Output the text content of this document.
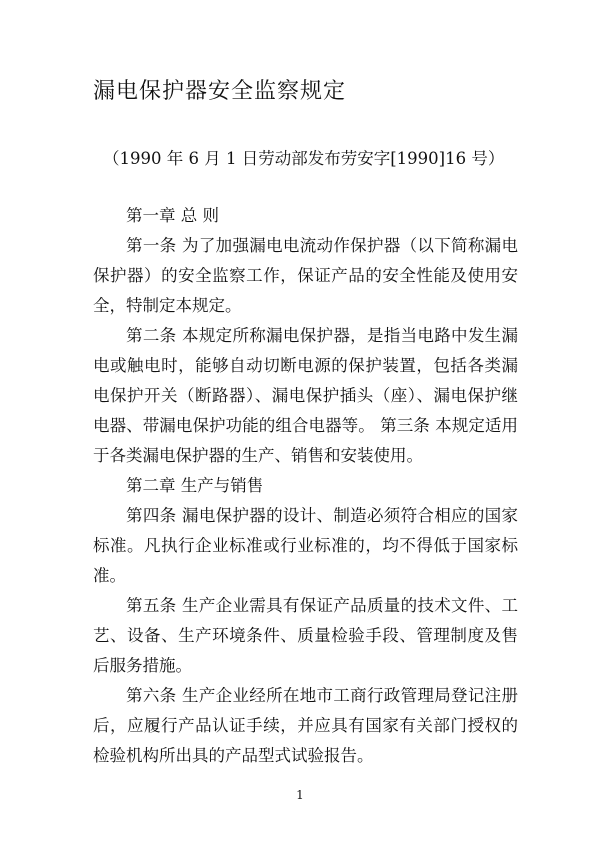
漏电保护器安全监察规定
（1990 年 6 月 1 日劳动部发布劳安字[1990]16 号）

第一章 总 则

第一条 为了加强漏电电流动作保护器（以下简称漏电保护器）的安全监察工作，保证产品的安全性能及使用安全，特制定本规定。

第二条 本规定所称漏电保护器，是指当电路中发生漏电或触电时，能够自动切断电源的保护装置，包括各类漏电保护开关（断路器）、漏电保护插头（座）、漏电保护继电器、带漏电保护功能的组合电器等。 第三条 本规定适用于各类漏电保护器的生产、销售和安装使用。

第二章 生产与销售

第四条 漏电保护器的设计、制造必须符合相应的国家标准。凡执行企业标准或行业标准的，均不得低于国家标准。

第五条 生产企业需具有保证产品质量的技术文件、工艺、设备、生产环境条件、质量检验手段、管理制度及售后服务措施。

第六条 生产企业经所在地市工商行政管理局登记注册后，应履行产品认证手续，并应具有国家有关部门授权的检验机构所出具的产品型式试验报告。

1
